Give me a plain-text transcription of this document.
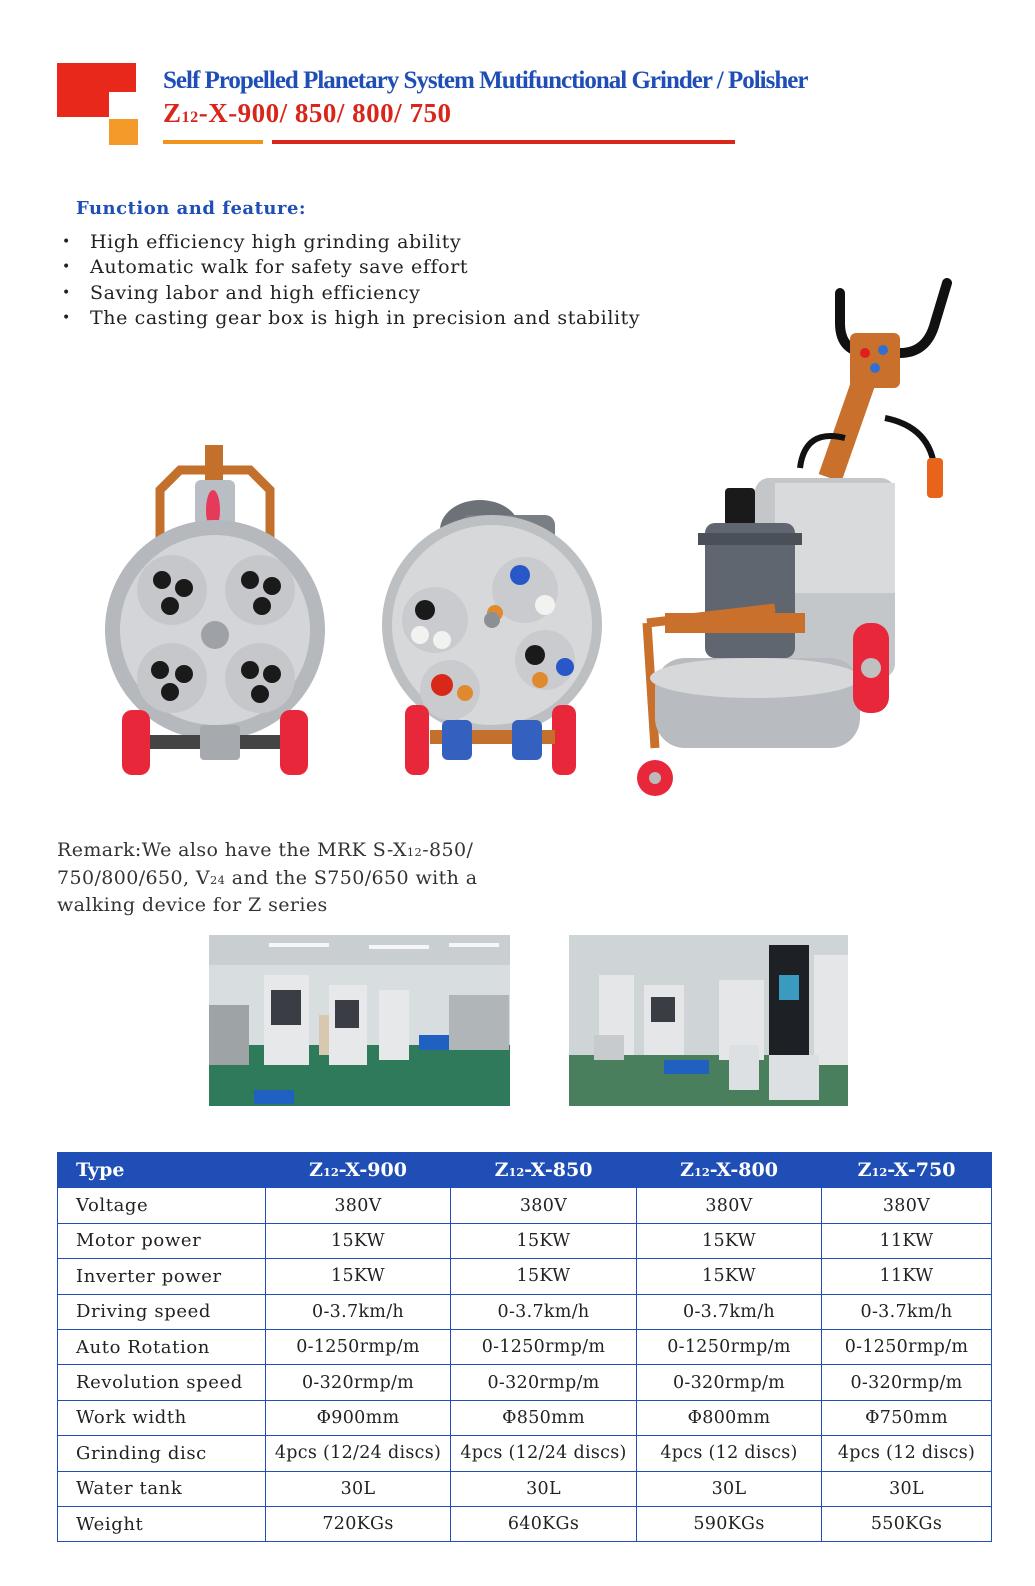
Self Propelled Planetary System Mutifunctional Grinder / Polisher
Z12-X-900/ 850/ 800/ 750
Function and feature:
• High efficiency high grinding ability
• Automatic walk for safety save effort
• Saving labor and high efficiency
• The casting gear box is high in precision and stability
Remark:We also have the MRK S-X12-850/ 750/800/650, V24 and the S750/650 with a walking device for Z series
Type	Z12-X-900	Z12-X-850	Z12-X-800	Z12-X-750
Voltage	380V	380V	380V	380V
Motor power	15KW	15KW	15KW	11KW
Inverter power	15KW	15KW	15KW	11KW
Driving speed	0-3.7km/h	0-3.7km/h	0-3.7km/h	0-3.7km/h
Auto Rotation	0-1250rmp/m	0-1250rmp/m	0-1250rmp/m	0-1250rmp/m
Revolution speed	0-320rmp/m	0-320rmp/m	0-320rmp/m	0-320rmp/m
Work width	Φ900mm	Φ850mm	Φ800mm	Φ750mm
Grinding disc	4pcs (12/24 discs)	4pcs (12/24 discs)	4pcs (12 discs)	4pcs (12 discs)
Water tank	30L	30L	30L	30L
Weight	720KGs	640KGs	590KGs	550KGs
